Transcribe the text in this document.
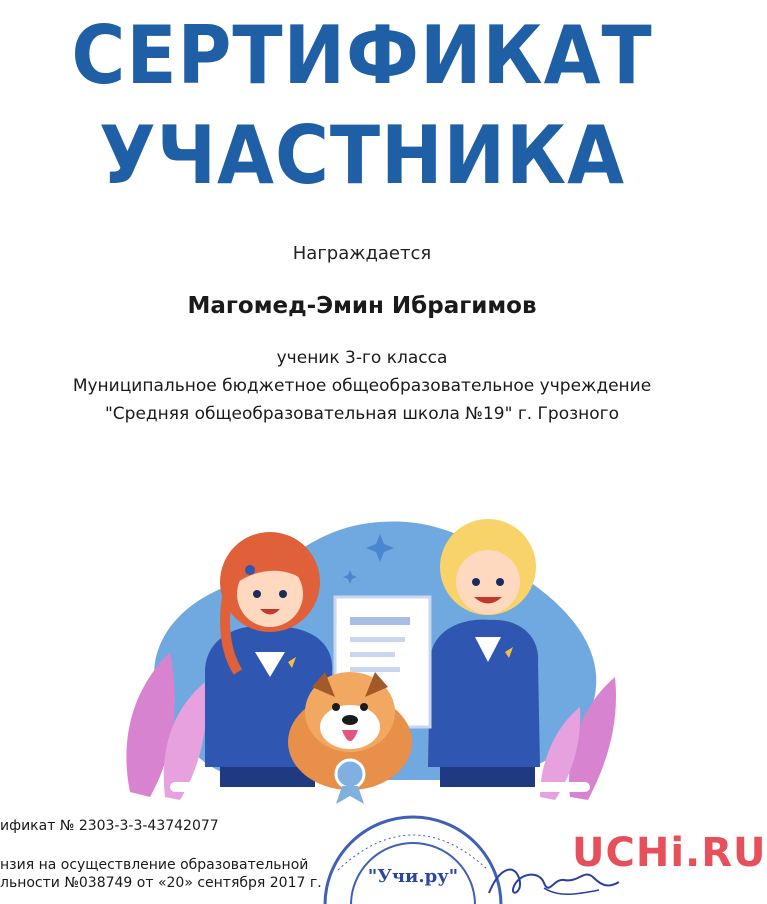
СЕРТИФИКАТ
УЧАСТНИКА
Награждается
Магомед-Эмин Ибрагимов
ученик 3-го класса
Муниципальное бюджетное общеобразовательное учреждение
"Средняя общеобразовательная школа №19" г. Грозного
ификат № 2303-3-3-43742077
нзия на осуществление образовательной
льности №038749 от «20» сентября 2017 г.	"Учи.ру"
UCHi.RU
